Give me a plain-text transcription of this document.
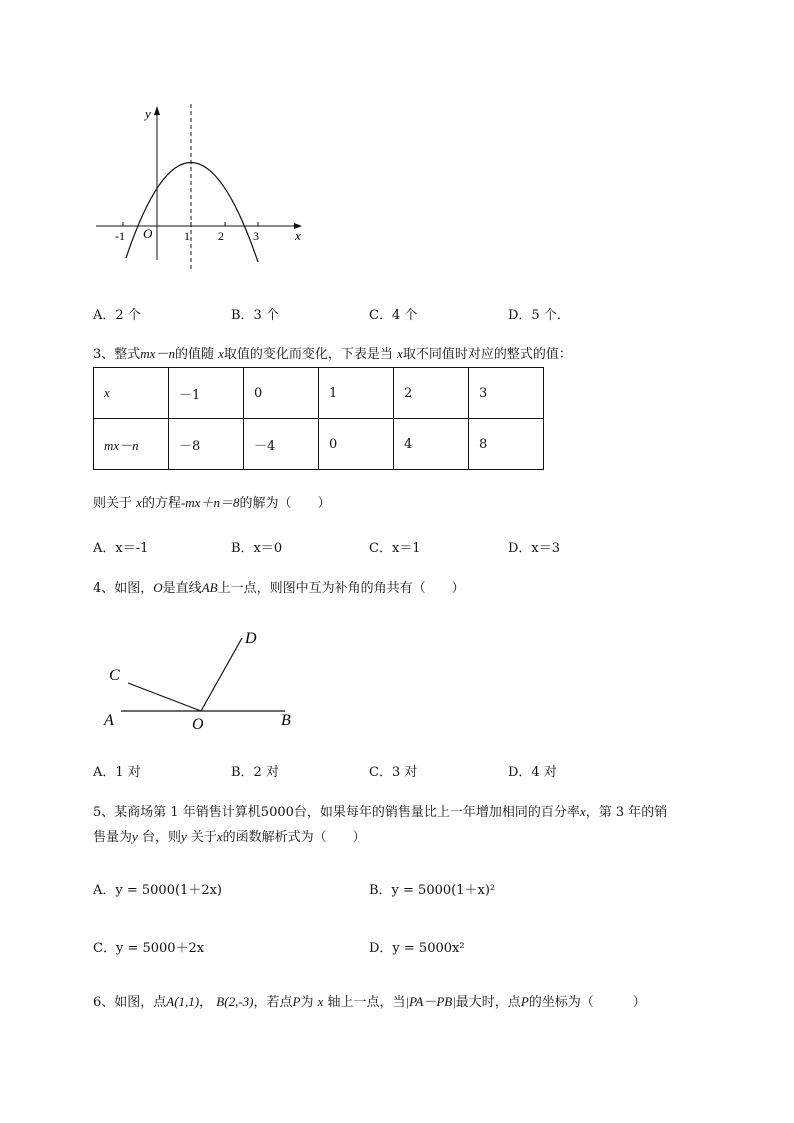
y
x
O
-1	1 2 3
A．2 个	B．3 个	C．4 个	D．5 个．
3、整式mx－n的值随 x取值的变化而变化，下表是当 x取不同值时对应的整式的值：
x	－1	0	1	2	3
mx－n	－8	－4	0	4	8
则关于 x的方程-mx＋n＝8的解为（　　）
A．x＝-1	B．x＝0	C．x＝1	D．x＝3
4、如图，O是直线AB上一点，则图中互为补角的角共有（　　）
A	B
C
D
O
A．1 对	B．2 对	C．3 对	D．4 对
5、某商场第 1 年销售计算机5000台，如果每年的销售量比上一年增加相同的百分率x，第 3 年的销
售量为y 台，则y 关于x的函数解析式为（　　）
A．y = 5000(1＋2x)	B．y = 5000(1＋x)²
C．y = 5000＋2x	D．y = 5000x²
6、如图，点A(1,1)， B(2,-3)，若点P为 x 轴上一点，当|PA－PB|最大时，点P的坐标为（　　　）
